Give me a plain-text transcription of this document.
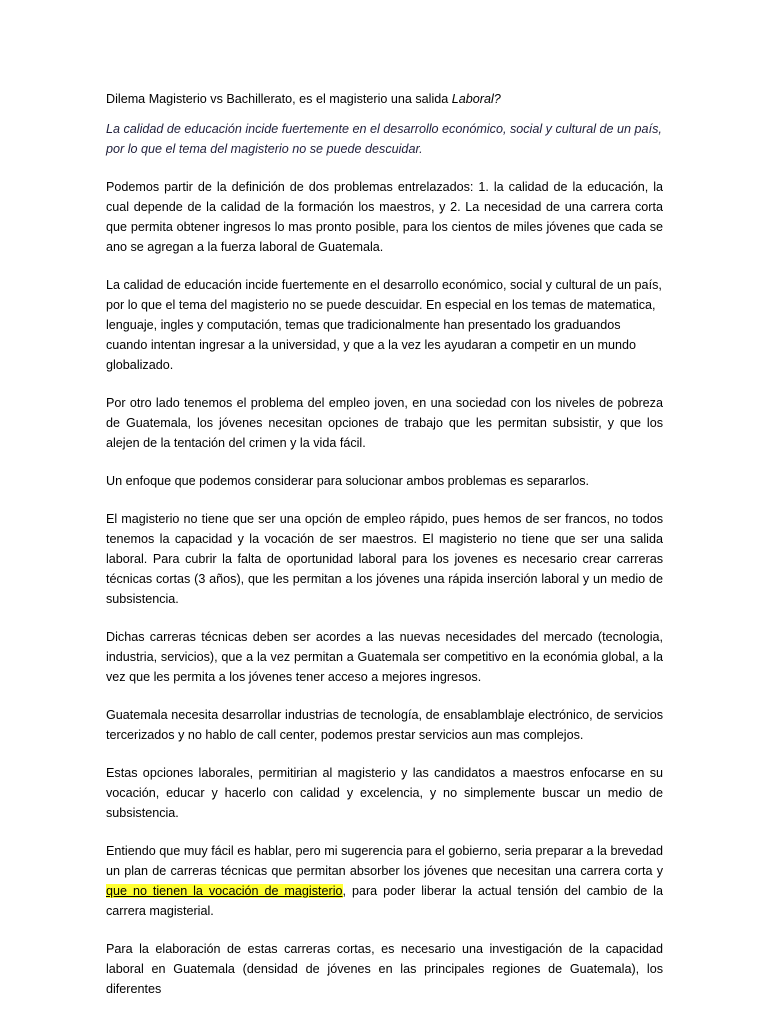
Dilema Magisterio vs Bachillerato, es el magisterio una salida Laboral?

La calidad de educación incide fuertemente en el desarrollo económico, social y cultural de un país, por lo que el tema del magisterio no se puede descuidar.

Podemos partir de la definición de dos problemas entrelazados: 1. la calidad de la educación, la cual depende de la calidad de la formación los maestros, y 2. La necesidad de una carrera corta que permita obtener ingresos lo mas pronto posible, para los cientos de miles jóvenes que cada se ano se agregan a la fuerza laboral de Guatemala.

La calidad de educación incide fuertemente en el desarrollo económico, social y cultural de un país, por lo que el tema del magisterio no se puede descuidar. En especial en los temas de matematica, lenguaje, ingles y computación, temas que tradicionalmente han presentado los graduandos cuando intentan ingresar a la universidad, y que a la vez les ayudaran a competir en un mundo globalizado.

Por otro lado tenemos el problema del empleo joven, en una sociedad con los niveles de pobreza de Guatemala, los jóvenes necesitan opciones de trabajo que les permitan subsistir, y que los alejen de la tentación del crimen y la vida fácil.

Un enfoque que podemos considerar para solucionar ambos problemas es separarlos.

El magisterio no tiene que ser una opción de empleo rápido, pues hemos de ser francos, no todos tenemos la capacidad y la vocación de ser maestros. El magisterio no tiene que ser una salida laboral. Para cubrir la falta de oportunidad laboral para los jovenes es necesario crear carreras técnicas cortas (3 años), que les permitan a los jóvenes una rápida inserción laboral y un medio de subsistencia.

Dichas carreras técnicas deben ser acordes a las nuevas necesidades del mercado (tecnologia, industria, servicios), que a la vez permitan a Guatemala ser competitivo en la económia global, a la vez que les permita a los jóvenes tener acceso a mejores ingresos.

Guatemala necesita desarrollar industrias de tecnología, de ensablamblaje electrónico, de servicios tercerizados y no hablo de call center, podemos prestar servicios aun mas complejos.

Estas opciones laborales, permitirian al magisterio y las candidatos a maestros enfocarse en su vocación, educar y hacerlo con calidad y excelencia, y no simplemente buscar un medio de subsistencia.

Entiendo que muy fácil es hablar, pero mi sugerencia para el gobierno, seria preparar a la brevedad un plan de carreras técnicas que permitan absorber los jóvenes que necesitan una carrera corta y que no tienen la vocación de magisterio, para poder liberar la actual tensión del cambio de la carrera magisterial.

Para la elaboración de estas carreras cortas, es necesario una investigación de la capacidad laboral en Guatemala (densidad de jóvenes en las principales regiones de Guatemala), los diferentes
